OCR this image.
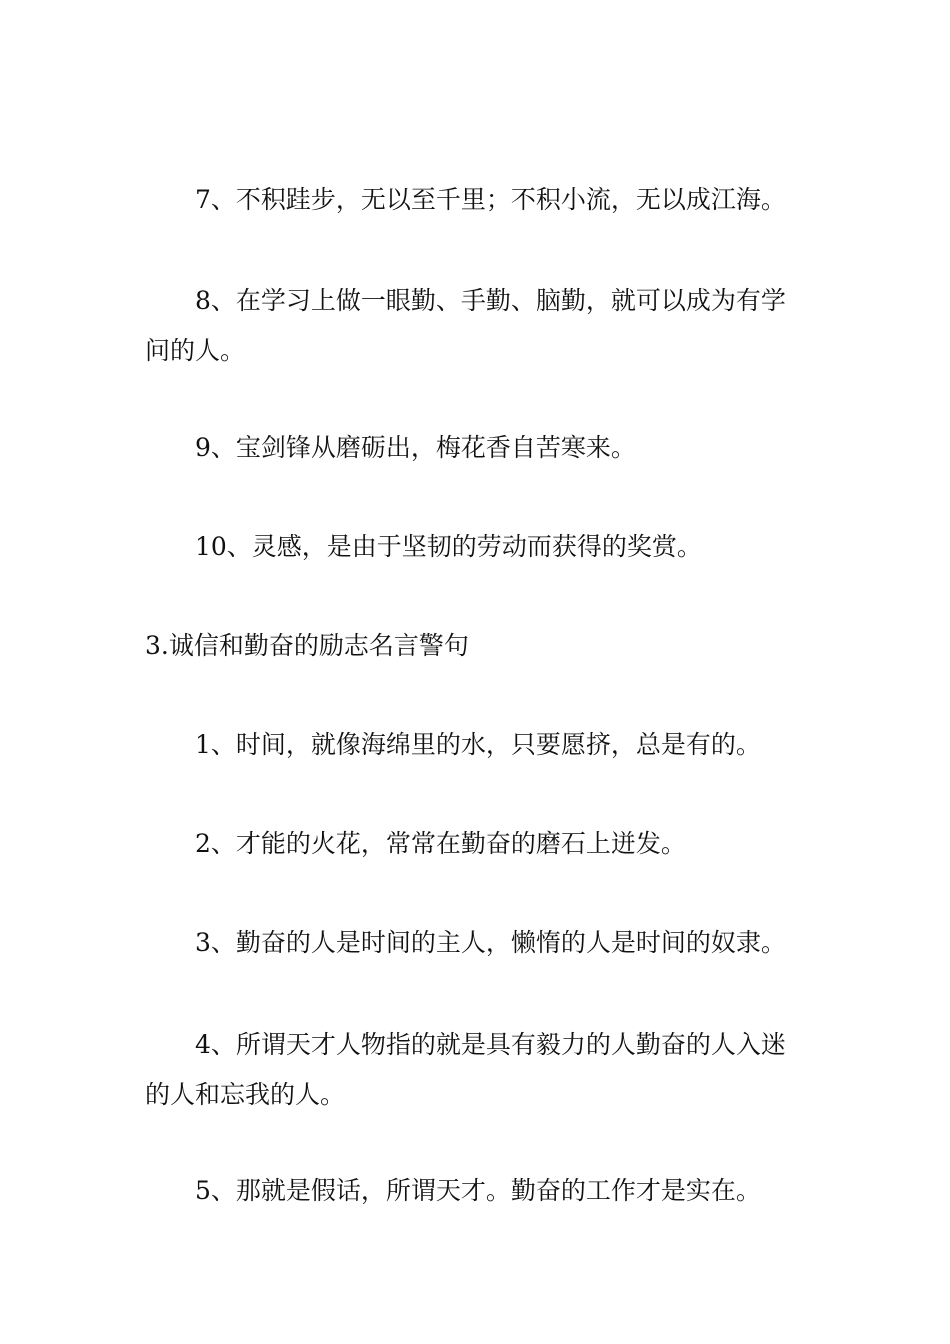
7、不积跬步，无以至千里；不积小流，无以成江海。

8、在学习上做一眼勤、手勤、脑勤，就可以成为有学问的人。

9、宝剑锋从磨砺出，梅花香自苦寒来。

10、灵感，是由于坚韧的劳动而获得的奖赏。

3.诚信和勤奋的励志名言警句

1、时间，就像海绵里的水，只要愿挤，总是有的。

2、才能的火花，常常在勤奋的磨石上迸发。

3、勤奋的人是时间的主人，懒惰的人是时间的奴隶。

4、所谓天才人物指的就是具有毅力的人勤奋的人入迷的人和忘我的人。

5、那就是假话，所谓天才。勤奋的工作才是实在。
